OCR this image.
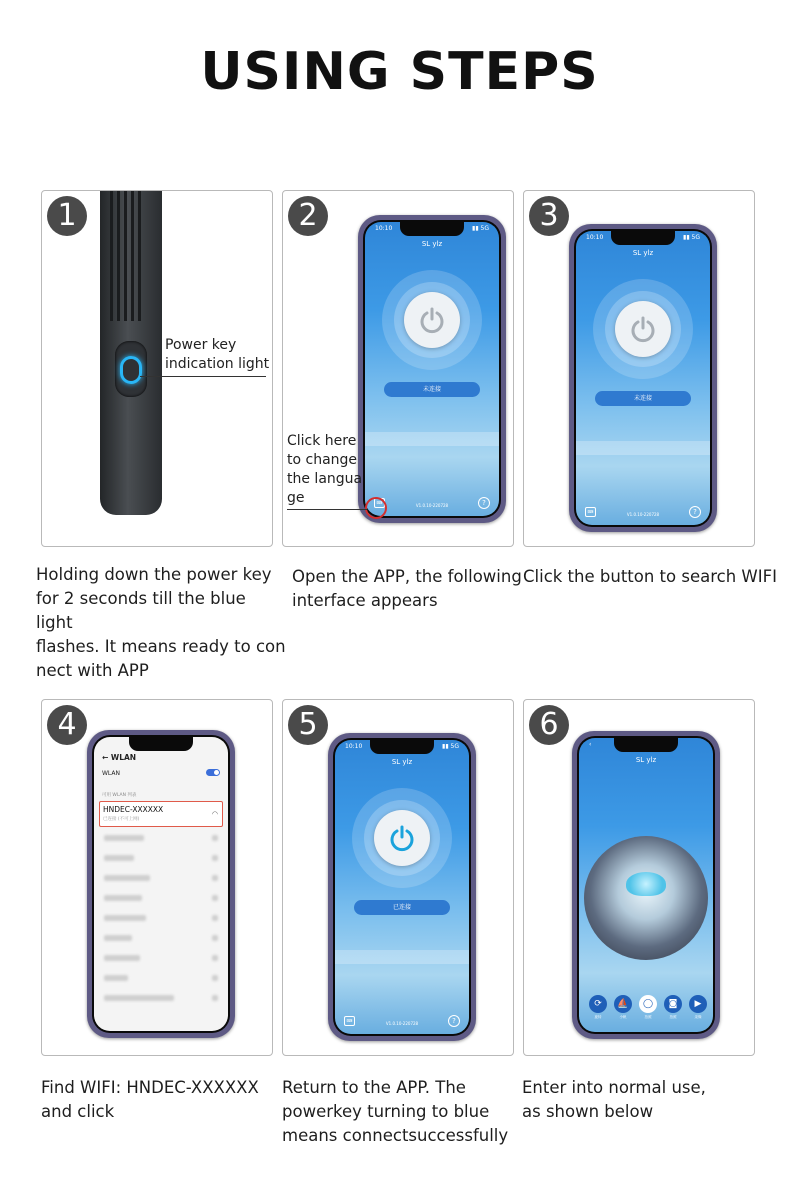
USING STEPS
1
Power key
indication light
Holding down the power key
for 2 seconds till the blue light
flashes. It means ready to con
nect with APP
2	10:10	▮▮ 5G
SL ylz
未连接
⌨
V1.0.10-220728	?
Click here
to change
the langua
ge
Open the APP, the following
interface appears
3
10:10	▮▮ 5G
SL ylz
未连接
⌨
V1.0.10-220728	?
Click the button to search WIFI
4
← WLAN
WLAN
可用 WLAN 列表
HNDEC-XXXXXX
已连接 (不可上网)
◠
Find WIFI: HNDEC-XXXXXX
and click
5
10:10	▮▮ 5G
SL ylz
已连接
⌨
V1.0.10-220728	?
Return to the APP. The
powerkey turning to blue
means connectsuccessfully
6
‹
SL ylz
⟳
旋转
⛵
小帆
◯
拍照
◙
拍照
▶
录像
Enter into normal use,
as shown below
